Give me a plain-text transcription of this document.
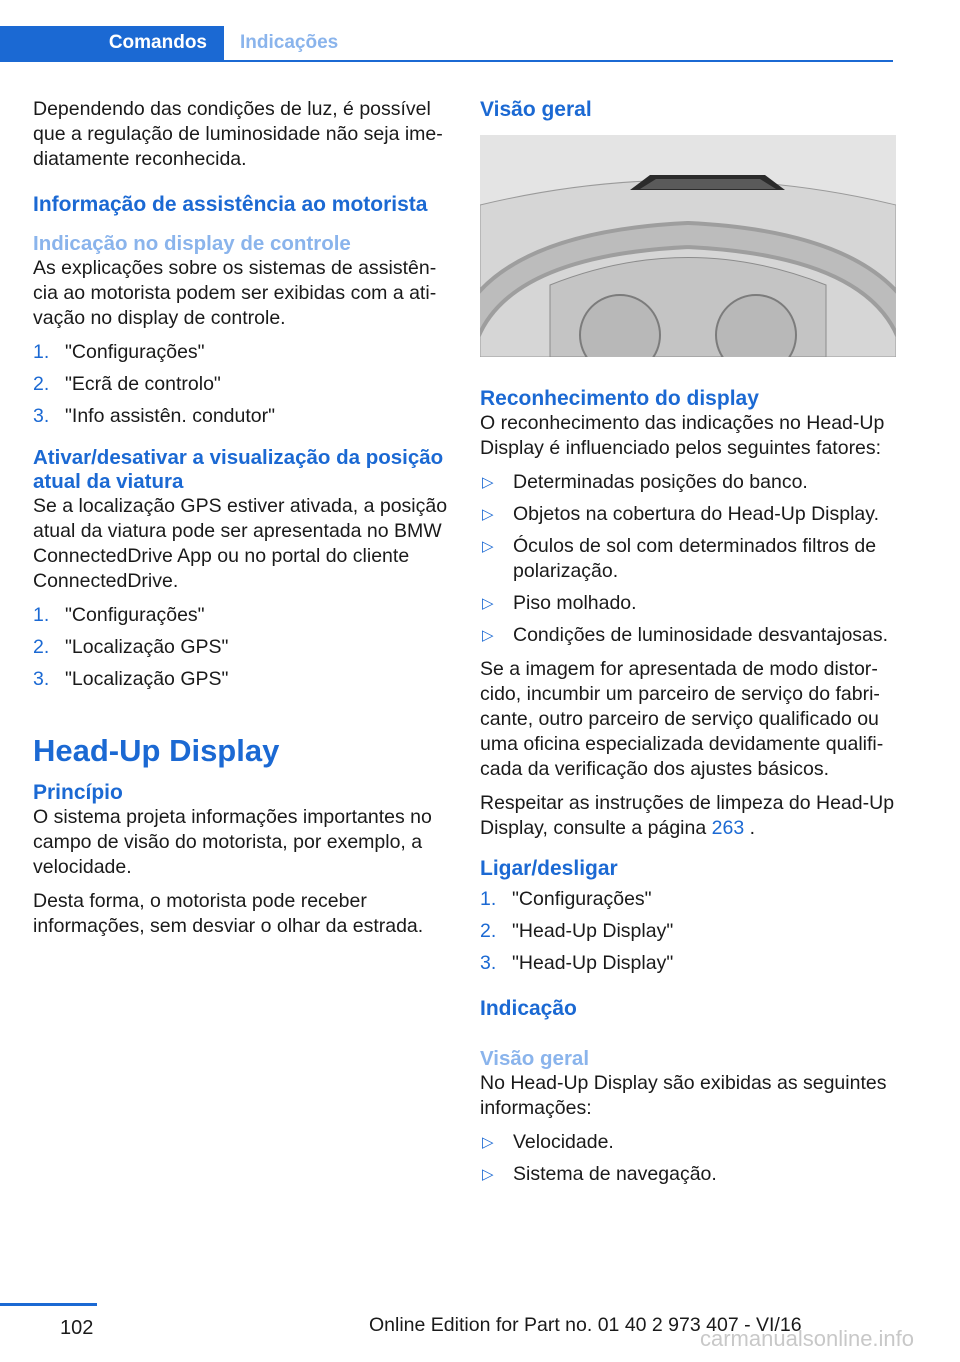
Comandos	Indicações

Dependendo das condições de luz, é possível que a regulação de luminosidade não seja imediatamente reconhecida.

Informação de assistência ao motorista
Indicação no display de controle

As explicações sobre os sistemas de assistência ao motorista podem ser exibidas com a ativação no display de controle.

1. "Configurações"
2. "Ecrã de controlo"
3. "Info assistên. condutor"
Ativar/desativar a visualização da posição atual da viatura

Se a localização GPS estiver ativada, a posição atual da viatura pode ser apresentada no BMW ConnectedDrive App ou no portal do cliente ConnectedDrive.

1. "Configurações"
2. "Localização GPS"
3. "Localização GPS"
Head-Up Display
Princípio

O sistema projeta informações importantes no campo de visão do motorista, por exemplo, a velocidade.

Desta forma, o motorista pode receber informações, sem desviar o olhar da estrada.

Visão geral
Reconhecimento do display

O reconhecimento das indicações no Head-Up Display é influenciado pelos seguintes fatores:

▷ Determinadas posições do banco.
▷ Objetos na cobertura do Head-Up Display.
▷ Óculos de sol com determinados filtros de polarização.
▷ Piso molhado.
▷ Condições de luminosidade desvantajosas.

Se a imagem for apresentada de modo distorcido, incumbir um parceiro de serviço do fabricante, outro parceiro de serviço qualificado ou uma oficina especializada devidamente qualificada da verificação dos ajustes básicos.

Respeitar as instruções de limpeza do Head-Up Display, consulte a página 263 .

Ligar/desligar
1. "Configurações"
2. "Head-Up Display"
3. "Head-Up Display"
Indicação
Visão geral

No Head-Up Display são exibidas as seguintes informações:

▷ Velocidade.
▷ Sistema de navegação.
102	Online Edition for Part no. 01 40 2 973 407 - VI/16
carmanualsonline.info
